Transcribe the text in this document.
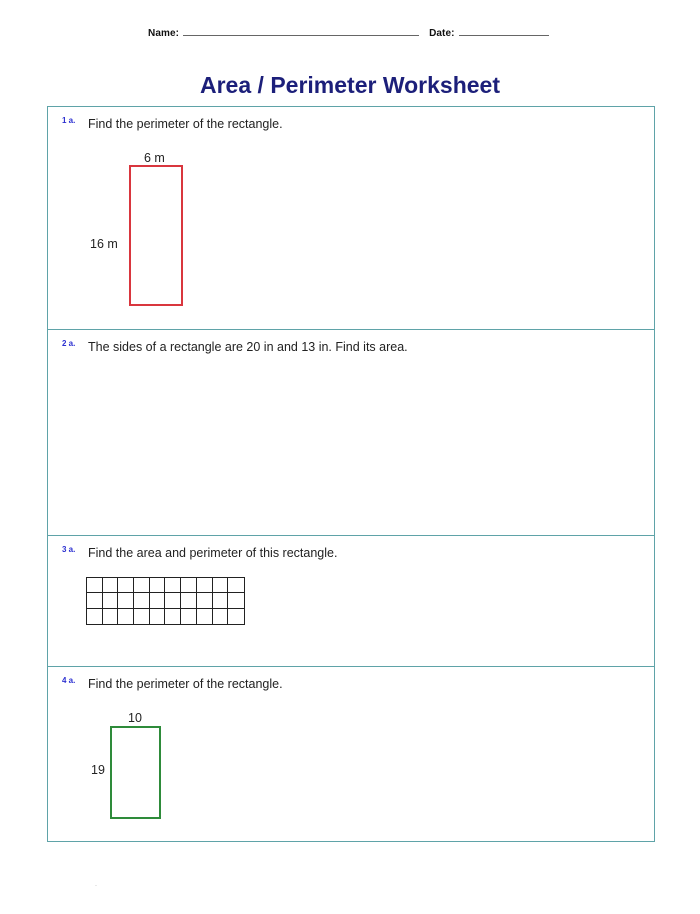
Name:	Date:
Area / Perimeter Worksheet
1 a. Find the perimeter of the rectangle.
6 m
16 m
2 a. The sides of a rectangle are 20 in and 13 in. Find its area.
3 a. Find the area and perimeter of this rectangle.
4 a. Find the perimeter of the rectangle.
10
19
·
